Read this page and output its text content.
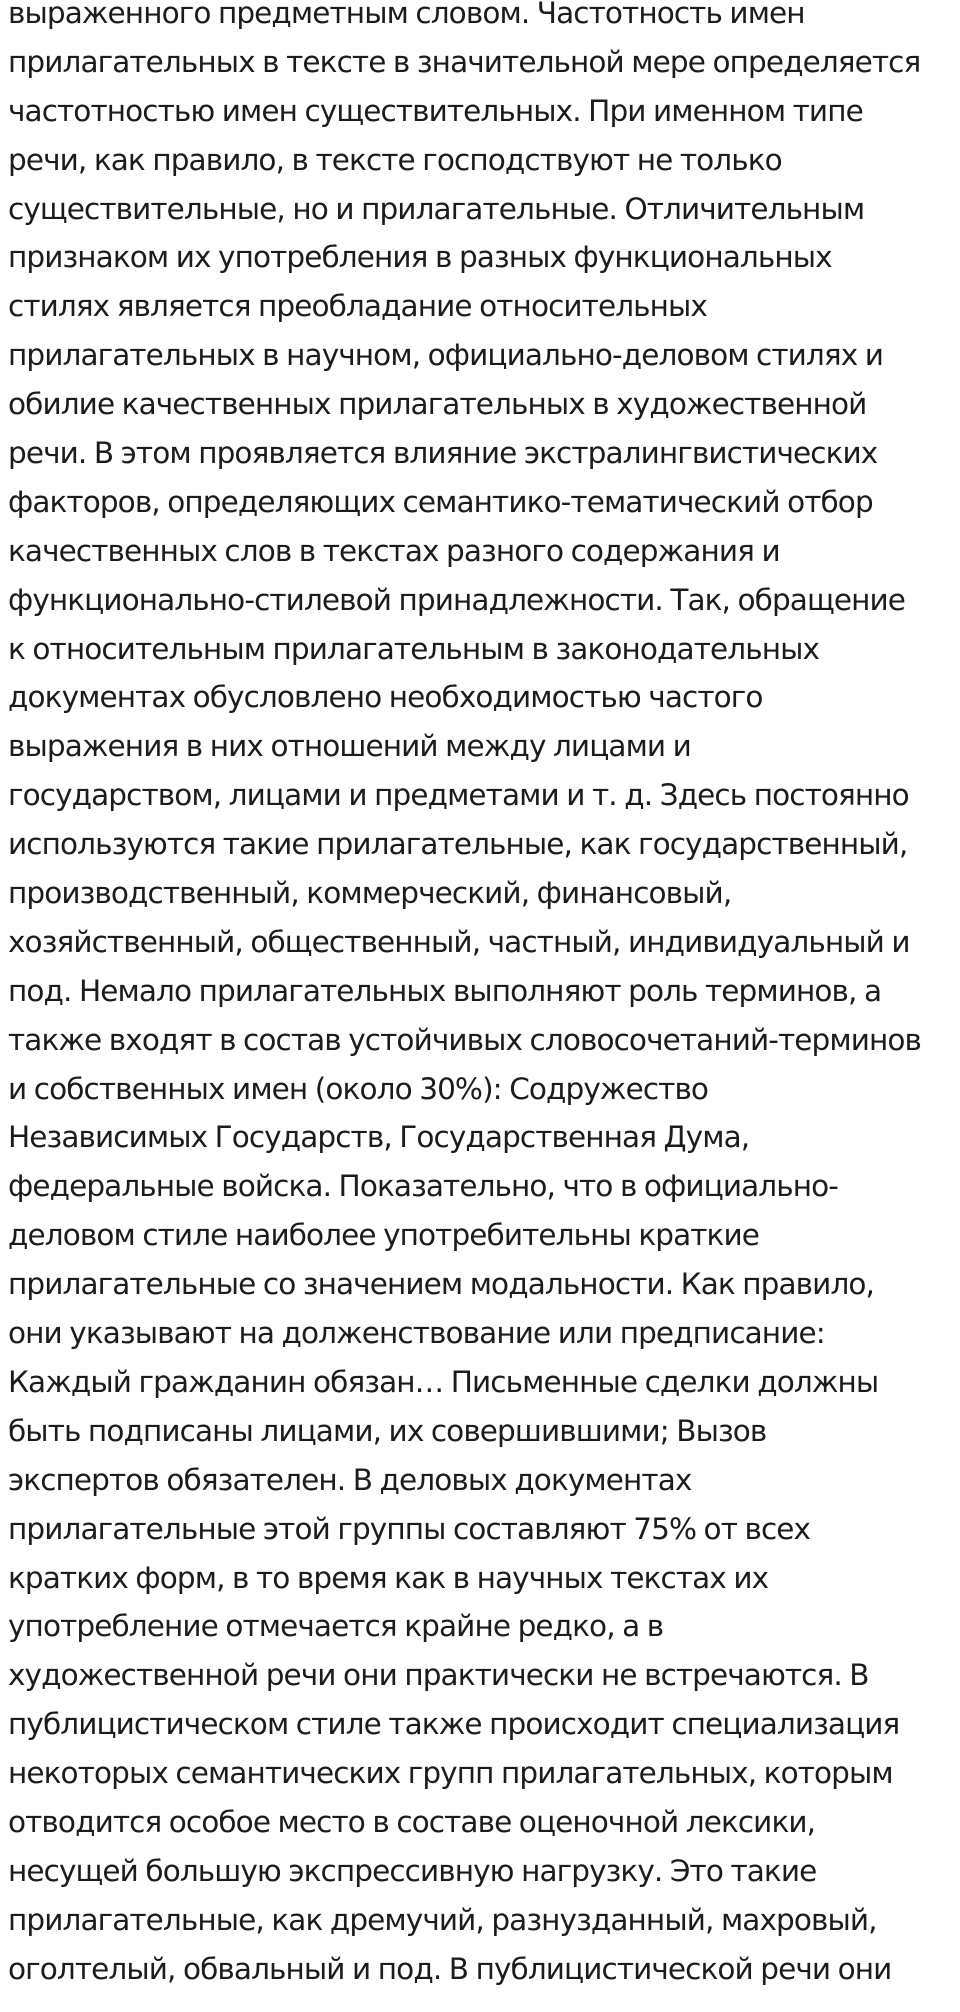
выраженного предметным словом. Частотность имен
прилагательных в тексте в значительной мере определяется
частотностью имен существительных. При именном типе
речи, как правило, в тексте господствуют не только
существительные, но и прилагательные. Отличительным
признаком их употребления в разных функциональных
стилях является преобладание относительных
прилагательных в научном, официально-деловом стилях и
обилие качественных прилагательных в художественной
речи. В этом проявляется влияние экстралингвистических
факторов, определяющих семантико-тематический отбор
качественных слов в текстах разного содержания и
функционально-стилевой принадлежности. Так, обращение
к относительным прилагательным в законодательных
документах обусловлено необходимостью частого
выражения в них отношений между лицами и
государством, лицами и предметами и т. д. Здесь постоянно
используются такие прилагательные, как государственный,
производственный, коммерческий, финансовый,
хозяйственный, общественный, частный, индивидуальный и
под. Немало прилагательных выполняют роль терминов, а
также входят в состав устойчивых словосочетаний-терминов
и собственных имен (около 30%): Содружество
Независимых Государств, Государственная Дума,
федеральные войска. Показательно, что в официально-
деловом стиле наиболее употребительны краткие
прилагательные со значением модальности. Как правило,
они указывают на долженствование или предписание:
Каждый гражданин обязан… Письменные сделки должны
быть подписаны лицами, их совершившими; Вызов
экспертов обязателен. В деловых документах
прилагательные этой группы составляют 75% от всех
кратких форм, в то время как в научных текстах их
употребление отмечается крайне редко, а в
художественной речи они практически не встречаются. В
публицистическом стиле также происходит специализация
некоторых семантических групп прилагательных, которым
отводится особое место в составе оценочной лексики,
несущей большую экспрессивную нагрузку. Это такие
прилагательные, как дремучий, разнузданный, махровый,
оголтелый, обвальный и под. В публицистической речи они
